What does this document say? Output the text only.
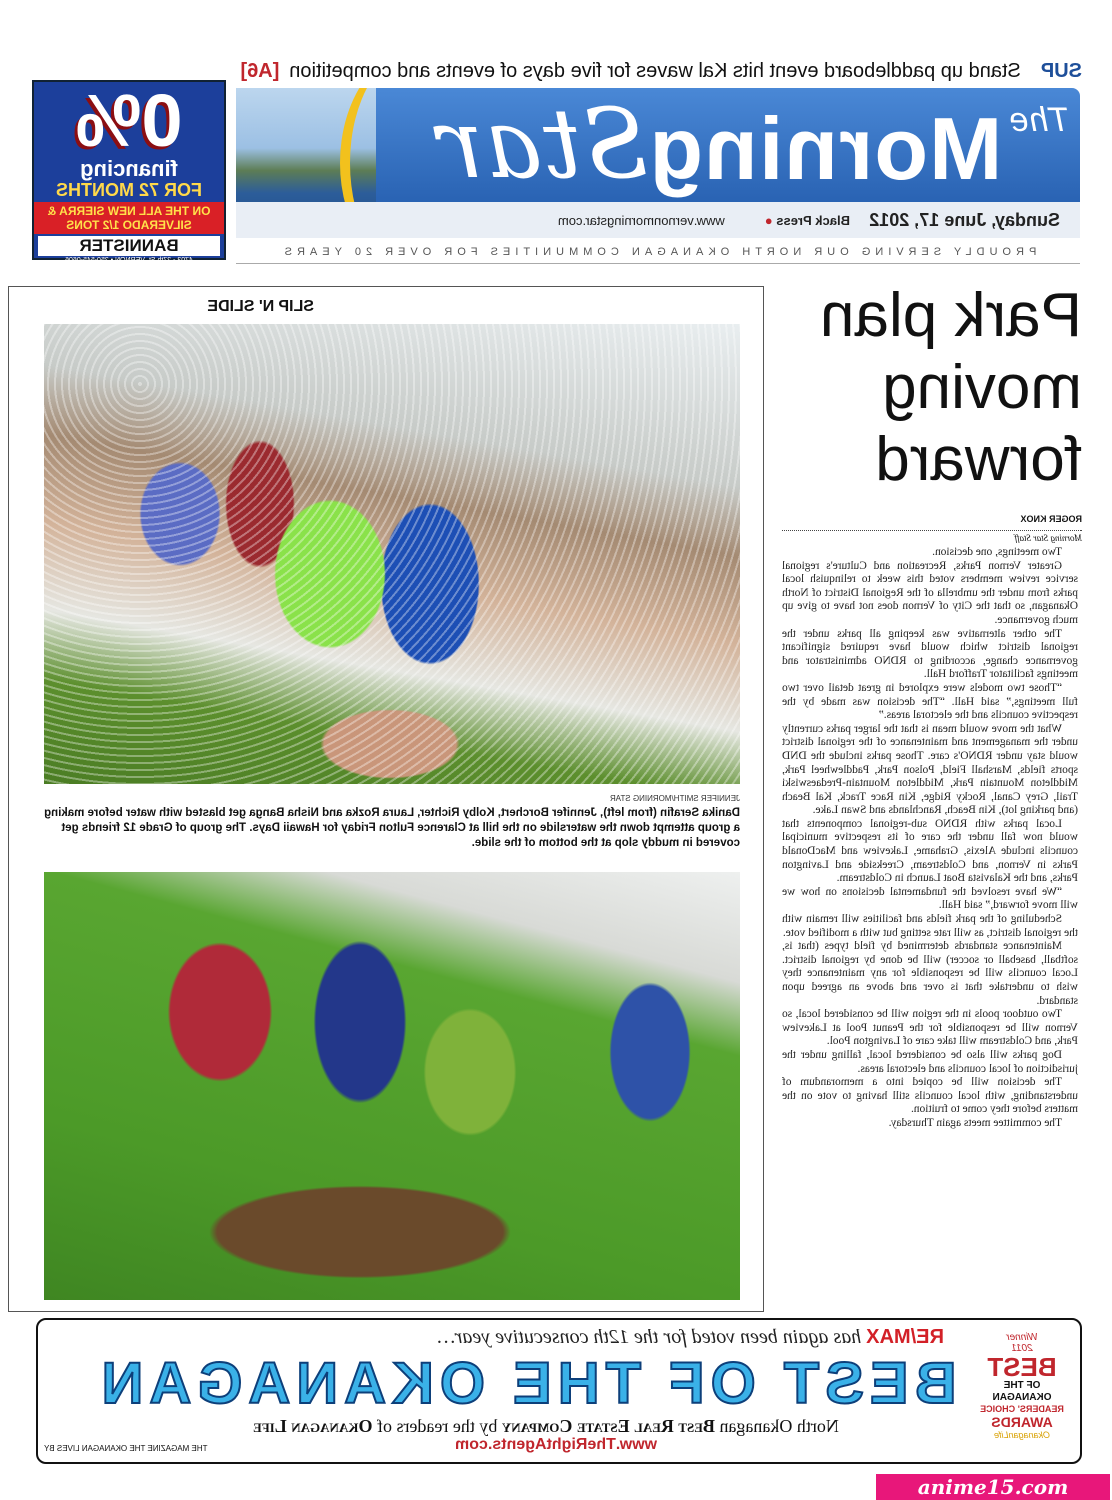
SUP
Stand up paddleboard event hits Kal waves for five days of events and competition
[A6]
The
Morning
Star
Sunday, June 17, 2012
Black Press ●
www.vernonmorningstar.com
PROUDLY SERVING OUR NORTH OKANAGAN COMMUNITIES FOR OVER 20 YEARS
0%
financing
FOR 72 MONTHS
ON THE ALL NEW SIERRA & SILVERADO 1/2 TONS
BANNISTER
4703 - 27th St. VERNON • 250-545-0606
Park plan
moving
forward
ROGER KNOX
Morning Star Staff

Two meetings, one decision.

Greater Vernon Parks, Recreation and Culture's regional service review members voted this week to relinquish local parks from under the umbrella of the Regional District of North Okanagan, so that the City of Vernon does not have to give up much governance.

The other alternative was keeping all parks under the regional district which would have required significant governance change, according to RDNO administrator and meetings facilitator Trafford Hall.

“Those two models were explored in great detail over two full meetings,” said Hall. “The decision was made by the respective councils and the electoral areas.”

What the move would mean is that the larger parks currently under the management and maintenance of the regional district would stay under RDNO's care. Those parks include the DND sports fields, Marshall Field, Polson Park, Paddlewheel Park, Middleton Mountain Park, Middleton Mountain-Predaeswiski Trail, Grey Canal, Rocky Ridge, Kin Race Track, Kal Beach (and parking lot), Kin Beach, Ranchlands and Swan Lake.

Local parks with RDNO sub-regional components that would now fall under the care of its respective municipal councils include Alexis, Grahame, Lakeview and MacDonald Parks in Vernon, and Coldstream, Creekside and Lavington Parks, and the Kalavista Boat Launch in Coldstream.

“We have resolved the fundamental decisions on how we will move forward,” said Hall.

Scheduling of the park fields and facilities will remain with the regional district, as will rate setting but with a modified vote.

Maintenance standards determined by field types (that is, softball, baseball or soccer) will be done by regional district. Local councils will be responsible for any maintenance they wish to undertake that is over and above an agreed upon standard.

Two outdoor pools in the region will be considered local, so Vernon will be responsible for the Peanut Pool at Lakeview Park, and Coldstream will take care of Lavington Pool.

Dog parks will also be considered local, falling under the jurisdiction of local councils and electoral areas.

The decision will be copied into a memorandum of understanding, with local councils still having to vote on the matters before they come to fruition.

The committee meets again Thursday.

SLIP N' SLIDE
JENNIFER SMITH/MORNING STAR
Danika Serafin (from left), Jennifer Borchert, Kolby Richter, Laura Rozka and Nisha Banga get blasted with water before making a group attempt down the waterslide on the hill at Clarence Fulton Friday for Hawaii Days. The group of Grade 12 friends get covered in muddy slop at the bottom of the slide.
Winner
2011
BEST
OF THE OKANAGAN
READERS' CHOICE
AWARDS
OkanaganLife
RE/MAX has again been voted for the 12th consecutive year…
BEST OF THE OKANAGAN
North Okanagan Best Real Estate Company by the readers of Okanagan Life
www.TheRightAgents.com
THE MAGAZINE THE OKANAGAN LIVES BY
anime15.com
